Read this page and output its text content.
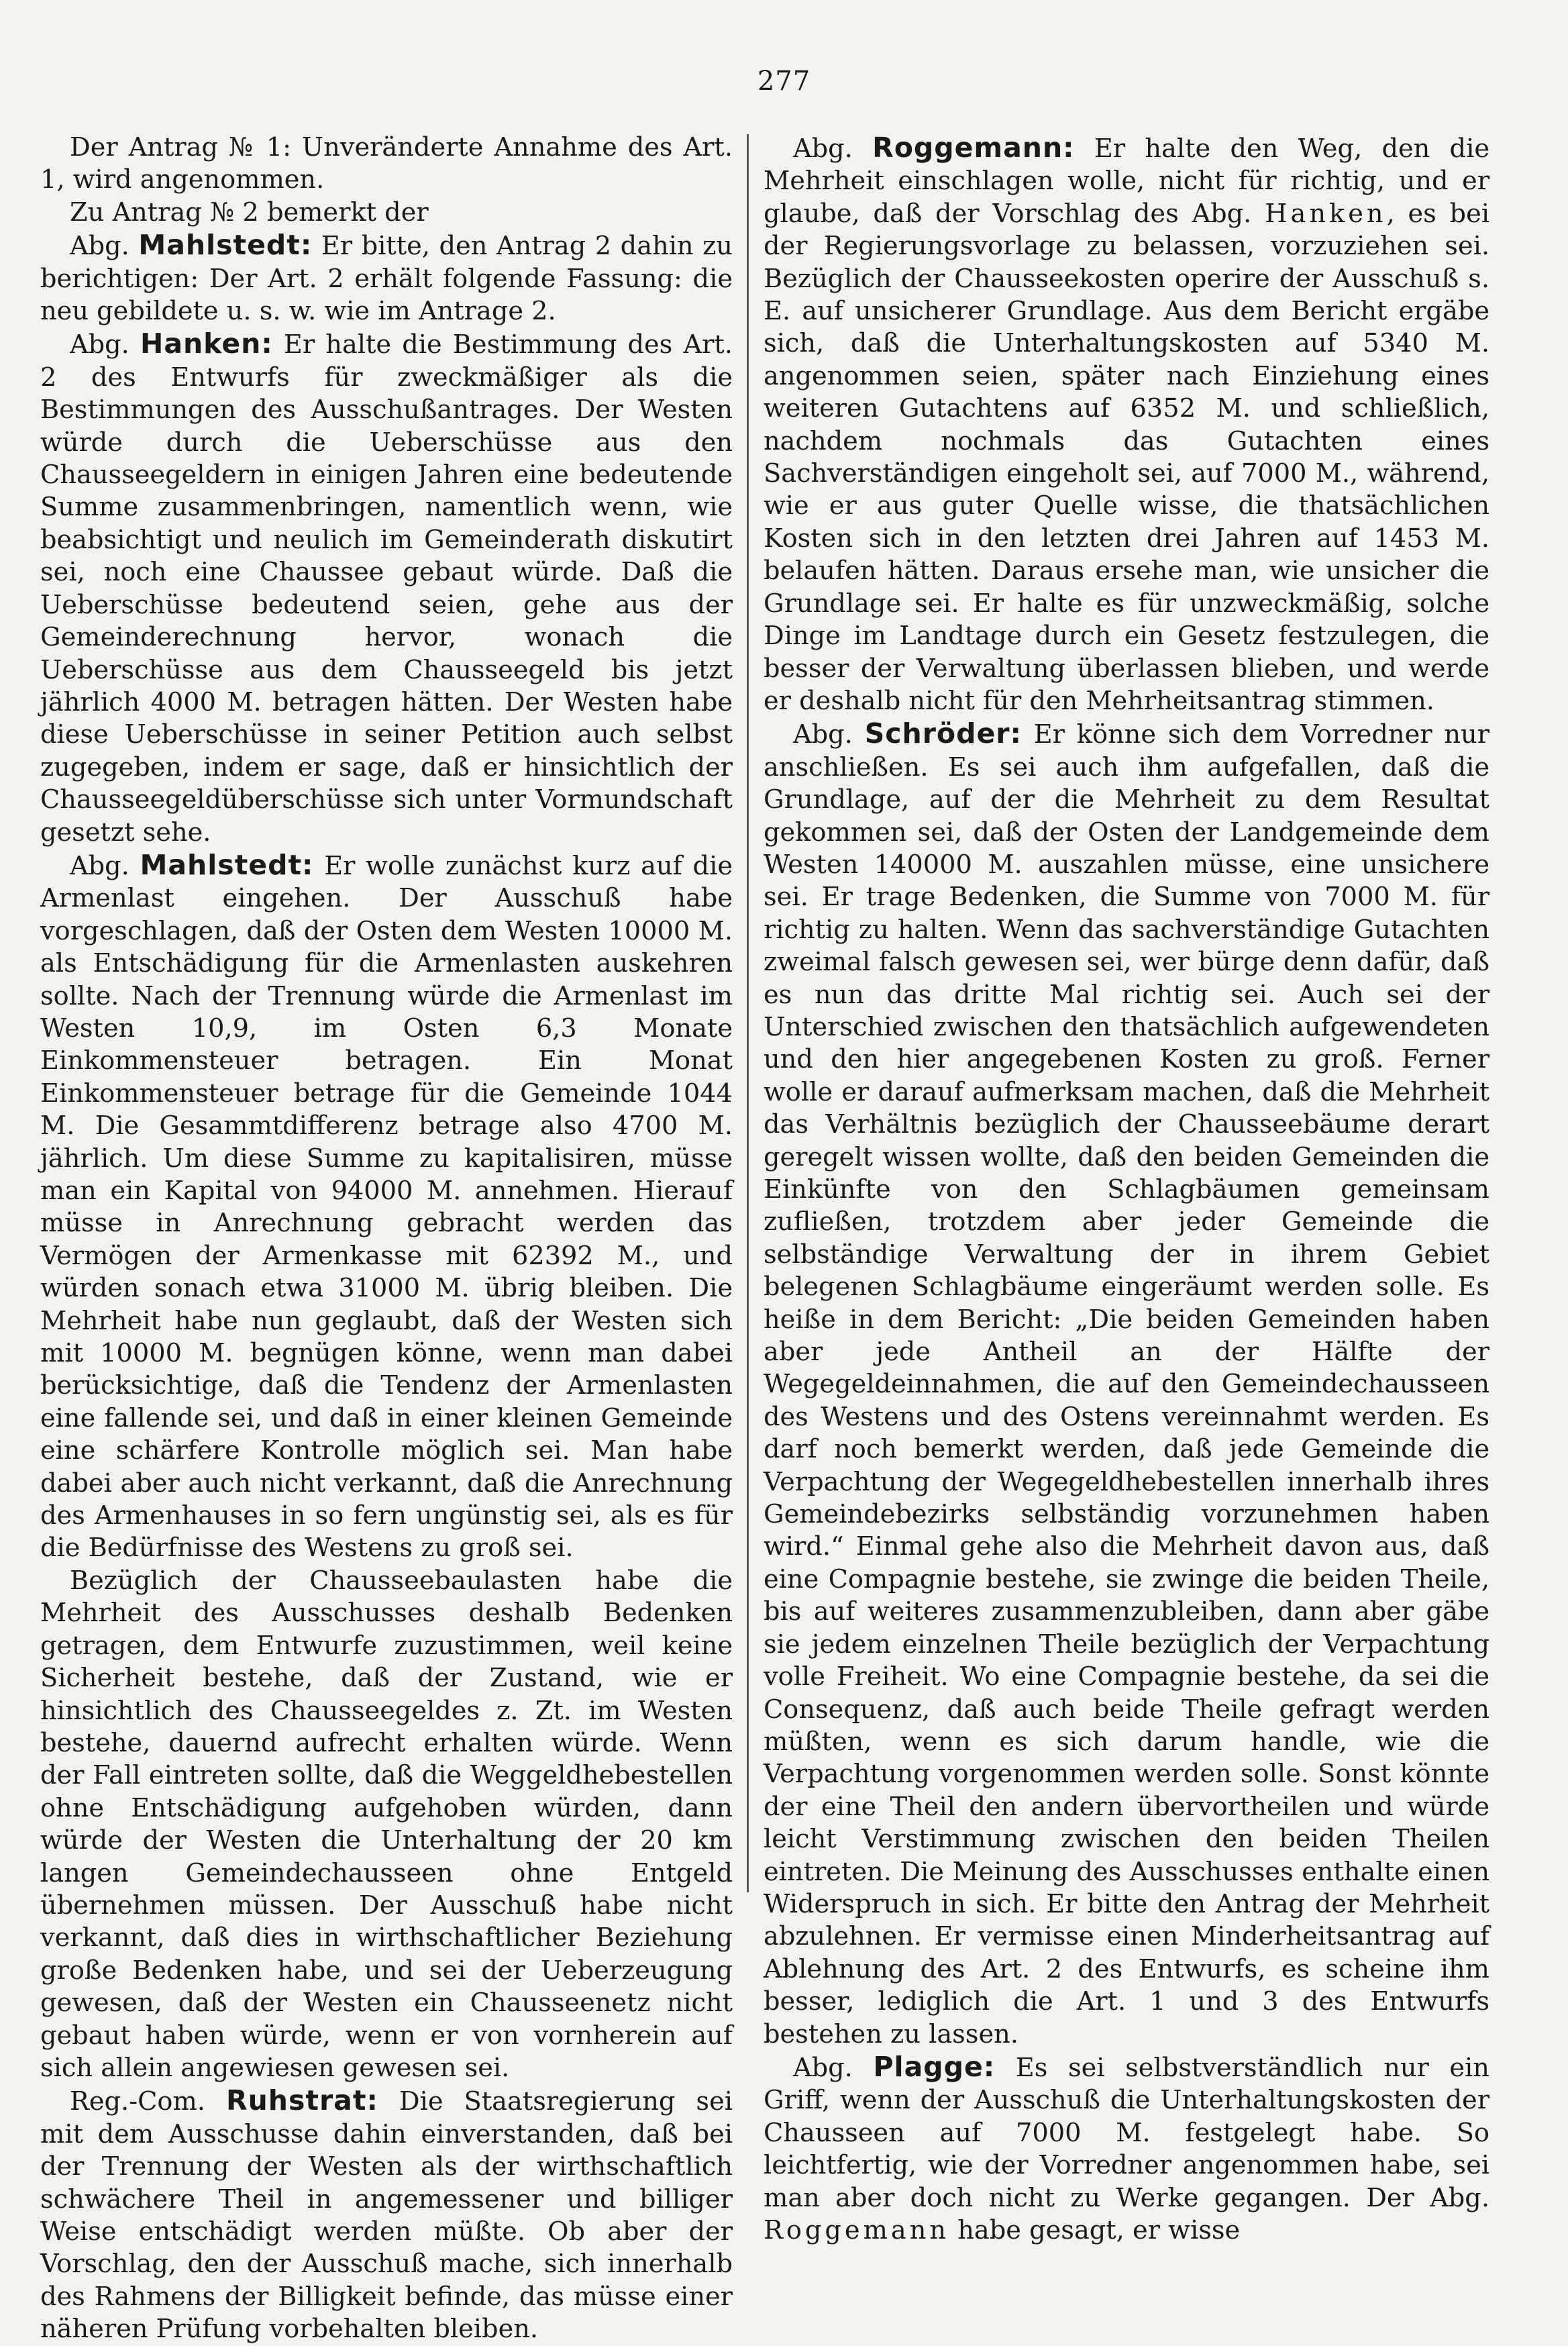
277

Der Antrag № 1: Unveränderte Annahme des Art. 1, wird angenommen.

Zu Antrag № 2 bemerkt der

Abg. Mahlstedt: Er bitte, den Antrag 2 dahin zu berichtigen: Der Art. 2 erhält folgende Fassung: die neu gebildete u. s. w. wie im Antrage 2.

Abg. Hanken: Er halte die Bestimmung des Art. 2 des Entwurfs für zweckmäßiger als die Bestimmungen des Ausschußantrages. Der Westen würde durch die Ueberschüsse aus den Chausseegeldern in einigen Jahren eine bedeutende Summe zusammenbringen, namentlich wenn, wie beabsichtigt und neulich im Gemeinderath diskutirt sei, noch eine Chaussee gebaut würde. Daß die Ueberschüsse bedeutend seien, gehe aus der Gemeinderechnung hervor, wonach die Ueberschüsse aus dem Chausseegeld bis jetzt jährlich 4000 M. betragen hätten. Der Westen habe diese Ueberschüsse in seiner Petition auch selbst zugegeben, indem er sage, daß er hinsichtlich der Chausseegeldüberschüsse sich unter Vormundschaft gesetzt sehe.

Abg. Mahlstedt: Er wolle zunächst kurz auf die Armenlast eingehen. Der Ausschuß habe vorgeschlagen, daß der Osten dem Westen 10000 M. als Entschädigung für die Armenlasten auskehren sollte. Nach der Trennung würde die Armenlast im Westen 10,9, im Osten 6,3 Monate Einkommensteuer betragen. Ein Monat Einkommensteuer betrage für die Gemeinde 1044 M. Die Gesammtdifferenz betrage also 4700 M. jährlich. Um diese Summe zu kapitalisiren, müsse man ein Kapital von 94000 M. annehmen. Hierauf müsse in Anrechnung gebracht werden das Vermögen der Armenkasse mit 62392 M., und würden sonach etwa 31000 M. übrig bleiben. Die Mehrheit habe nun geglaubt, daß der Westen sich mit 10000 M. begnügen könne, wenn man dabei berücksichtige, daß die Tendenz der Armenlasten eine fallende sei, und daß in einer kleinen Gemeinde eine schärfere Kontrolle möglich sei. Man habe dabei aber auch nicht verkannt, daß die Anrechnung des Armenhauses in so fern ungünstig sei, als es für die Bedürfnisse des Westens zu groß sei.

Bezüglich der Chausseebaulasten habe die Mehrheit des Ausschusses deshalb Bedenken getragen, dem Entwurfe zuzustimmen, weil keine Sicherheit bestehe, daß der Zustand, wie er hinsichtlich des Chausseegeldes z. Zt. im Westen bestehe, dauernd aufrecht erhalten würde. Wenn der Fall eintreten sollte, daß die Weggeldhebestellen ohne Entschädigung aufgehoben würden, dann würde der Westen die Unterhaltung der 20 km langen Gemeindechausseen ohne Entgeld übernehmen müssen. Der Ausschuß habe nicht verkannt, daß dies in wirthschaftlicher Beziehung große Bedenken habe, und sei der Ueberzeugung gewesen, daß der Westen ein Chausseenetz nicht gebaut haben würde, wenn er von vornherein auf sich allein angewiesen gewesen sei.

Reg.-Com. Ruhstrat: Die Staatsregierung sei mit dem Ausschusse dahin einverstanden, daß bei der Trennung der Westen als der wirthschaftlich schwächere Theil in angemessener und billiger Weise entschädigt werden müßte. Ob aber der Vorschlag, den der Ausschuß mache, sich innerhalb des Rahmens der Billigkeit befinde, das müsse einer näheren Prüfung vorbehalten bleiben.

Abg. Roggemann: Er halte den Weg, den die Mehrheit einschlagen wolle, nicht für richtig, und er glaube, daß der Vorschlag des Abg. Hanken, es bei der Regierungsvorlage zu belassen, vorzuziehen sei. Bezüglich der Chausseekosten operire der Ausschuß s. E. auf unsicherer Grundlage. Aus dem Bericht ergäbe sich, daß die Unterhaltungskosten auf 5340 M. angenommen seien, später nach Einziehung eines weiteren Gutachtens auf 6352 M. und schließlich, nachdem nochmals das Gutachten eines Sachverständigen eingeholt sei, auf 7000 M., während, wie er aus guter Quelle wisse, die thatsächlichen Kosten sich in den letzten drei Jahren auf 1453 M. belaufen hätten. Daraus ersehe man, wie unsicher die Grundlage sei. Er halte es für unzweckmäßig, solche Dinge im Landtage durch ein Gesetz festzulegen, die besser der Verwaltung überlassen blieben, und werde er deshalb nicht für den Mehrheitsantrag stimmen.

Abg. Schröder: Er könne sich dem Vorredner nur anschließen. Es sei auch ihm aufgefallen, daß die Grundlage, auf der die Mehrheit zu dem Resultat gekommen sei, daß der Osten der Landgemeinde dem Westen 140000 M. auszahlen müsse, eine unsichere sei. Er trage Bedenken, die Summe von 7000 M. für richtig zu halten. Wenn das sachverständige Gutachten zweimal falsch gewesen sei, wer bürge denn dafür, daß es nun das dritte Mal richtig sei. Auch sei der Unterschied zwischen den thatsächlich aufgewendeten und den hier angegebenen Kosten zu groß. Ferner wolle er darauf aufmerksam machen, daß die Mehrheit das Verhältnis bezüglich der Chausseebäume derart geregelt wissen wollte, daß den beiden Gemeinden die Einkünfte von den Schlagbäumen gemeinsam zufließen, trotzdem aber jeder Gemeinde die selbständige Verwaltung der in ihrem Gebiet belegenen Schlagbäume eingeräumt werden solle. Es heiße in dem Bericht: „Die beiden Gemeinden haben aber jede Antheil an der Hälfte der Wegegeldeinnahmen, die auf den Gemeindechausseen des Westens und des Ostens vereinnahmt werden. Es darf noch bemerkt werden, daß jede Gemeinde die Verpachtung der Wegegeldhebestellen innerhalb ihres Gemeindebezirks selbständig vorzunehmen haben wird.“ Einmal gehe also die Mehrheit davon aus, daß eine Compagnie bestehe, sie zwinge die beiden Theile, bis auf weiteres zusammenzubleiben, dann aber gäbe sie jedem einzelnen Theile bezüglich der Verpachtung volle Freiheit. Wo eine Compagnie bestehe, da sei die Consequenz, daß auch beide Theile gefragt werden müßten, wenn es sich darum handle, wie die Verpachtung vorgenommen werden solle. Sonst könnte der eine Theil den andern übervortheilen und würde leicht Verstimmung zwischen den beiden Theilen eintreten. Die Meinung des Ausschusses enthalte einen Widerspruch in sich. Er bitte den Antrag der Mehrheit abzulehnen. Er vermisse einen Minderheitsantrag auf Ablehnung des Art. 2 des Entwurfs, es scheine ihm besser, lediglich die Art. 1 und 3 des Entwurfs bestehen zu lassen.

Abg. Plagge: Es sei selbstverständlich nur ein Griff, wenn der Ausschuß die Unterhaltungskosten der Chausseen auf 7000 M. festgelegt habe. So leichtfertig, wie der Vorredner angenommen habe, sei man aber doch nicht zu Werke gegangen. Der Abg. Roggemann habe gesagt, er wisse
